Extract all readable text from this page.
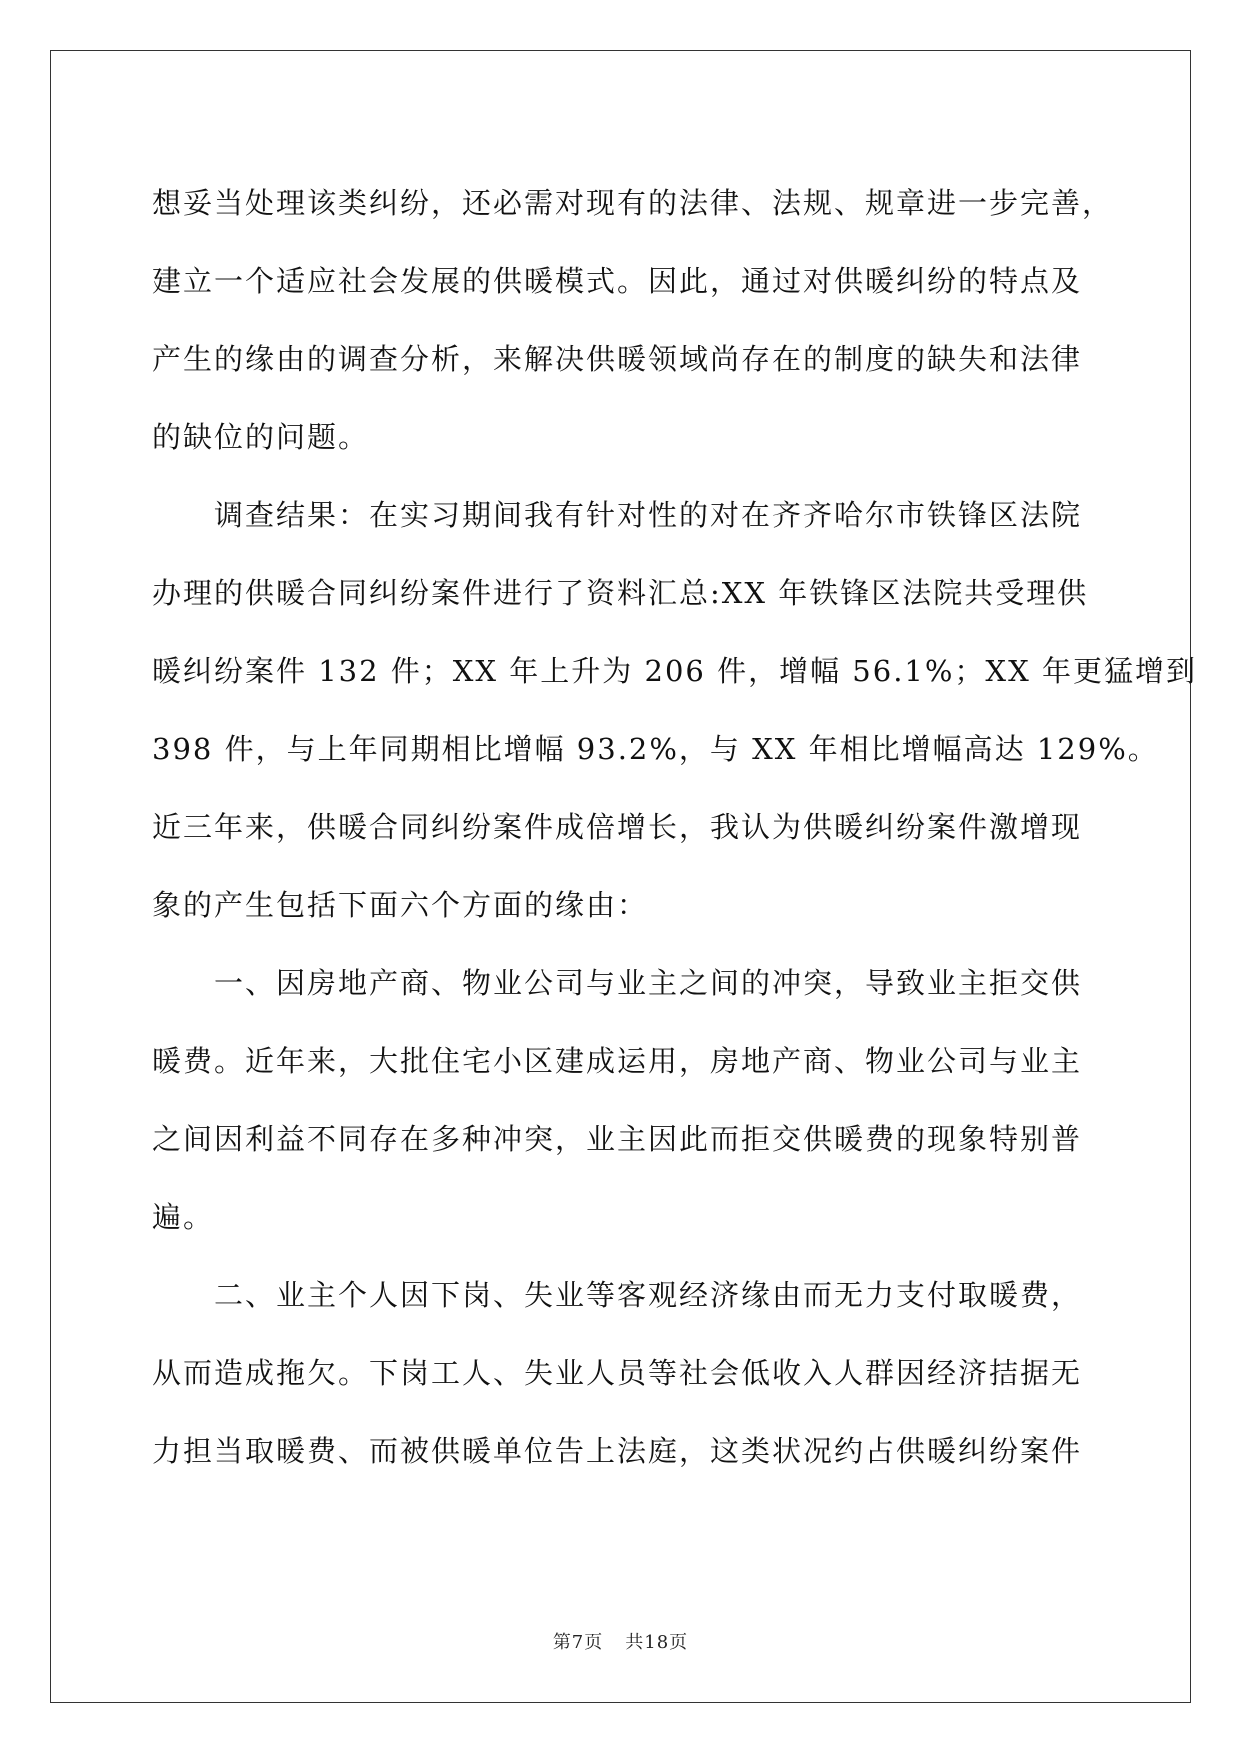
想妥当处理该类纠纷，还必需对现有的法律、法规、规章进一步完善，
建立一个适应社会发展的供暖模式。因此，通过对供暖纠纷的特点及
产生的缘由的调查分析，来解决供暖领域尚存在的制度的缺失和法律
的缺位的问题。
调查结果：在实习期间我有针对性的对在齐齐哈尔市铁锋区法院
办理的供暖合同纠纷案件进行了资料汇总:XX 年铁锋区法院共受理供
暖纠纷案件 132 件；XX 年上升为 206 件，增幅 56.1%；XX 年更猛增到
398 件，与上年同期相比增幅 93.2%，与 XX 年相比增幅高达 129%。
近三年来，供暖合同纠纷案件成倍增长，我认为供暖纠纷案件激增现
象的产生包括下面六个方面的缘由：
一、因房地产商、物业公司与业主之间的冲突，导致业主拒交供
暖费。近年来，大批住宅小区建成运用，房地产商、物业公司与业主
之间因利益不同存在多种冲突，业主因此而拒交供暖费的现象特别普
遍。
二、业主个人因下岗、失业等客观经济缘由而无力支付取暖费，
从而造成拖欠。下岗工人、失业人员等社会低收入人群因经济拮据无
力担当取暖费、而被供暖单位告上法庭，这类状况约占供暖纠纷案件
第7页 共18页
